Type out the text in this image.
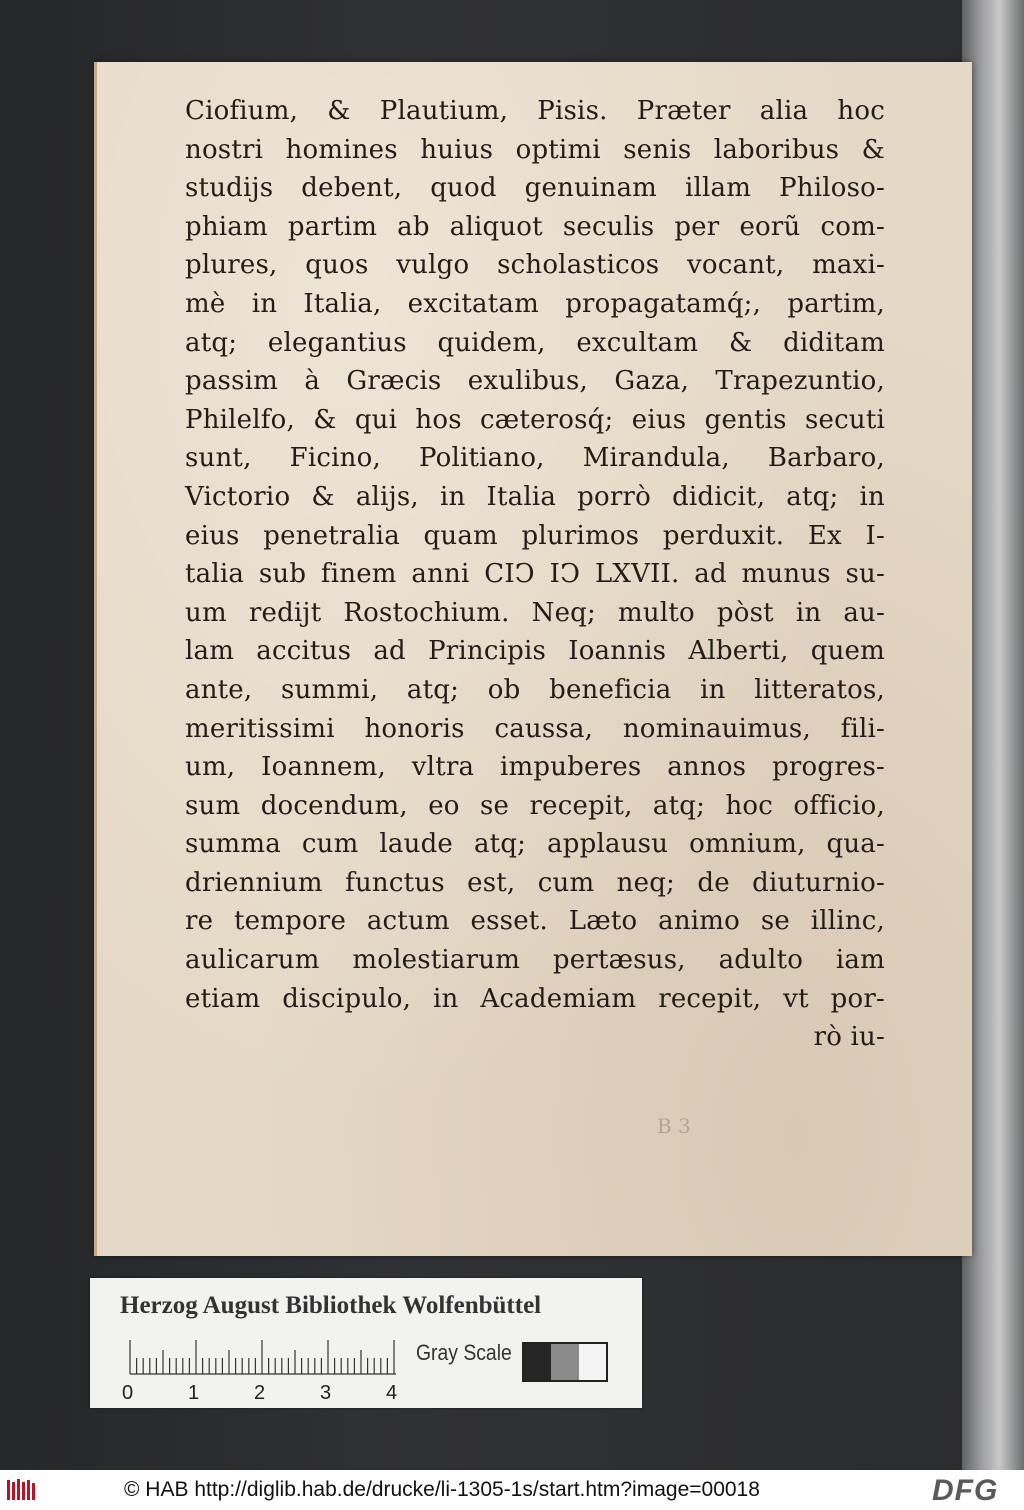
Ciofium, & Plautium, Pisis. Præter alia hoc
nostri homines huius optimi senis laboribus &
studijs debent, quod genuinam illam Philoso-
phiam partim ab aliquot seculis per eorũ com-
plures, quos vulgo scholasticos vocant, maxi-
mè in Italia, excitatam propagatamq́;, partim,
atq; elegantius quidem, excultam & diditam
passim à Græcis exulibus, Gaza, Trapezuntio,
Philelfo, & qui hos cæterosq́; eius gentis secuti
sunt, Ficino, Politiano, Mirandula, Barbaro,
Victorio & alijs, in Italia porrò didicit, atq; in
eius penetralia quam plurimos perduxit. Ex I-
talia sub finem anni CIↃ IↃ LXVII. ad munus su-
um redijt Rostochium. Neq; multo pòst in au-
lam accitus ad Principis Ioannis Alberti, quem
ante, summi, atq; ob beneficia in litteratos,
meritissimi honoris caussa, nominauimus, fili-
um, Ioannem, vltra impuberes annos progres-
sum docendum, eo se recepit, atq; hoc officio,
summa cum laude atq; applausu omnium, qua-
driennium functus est, cum neq; de diuturnio-
re tempore actum esset. Læto animo se illinc,
aulicarum molestiarum pertæsus, adulto iam
etiam discipulo, in Academiam recepit, vt por-
rò iu-
B 3
Herzog August Bibliothek Wolfenbüttel
Gray Scale
0	1	2	3	4
© HAB http://diglib.hab.de/drucke/li-1305-1s/start.htm?image=00018	DFG
